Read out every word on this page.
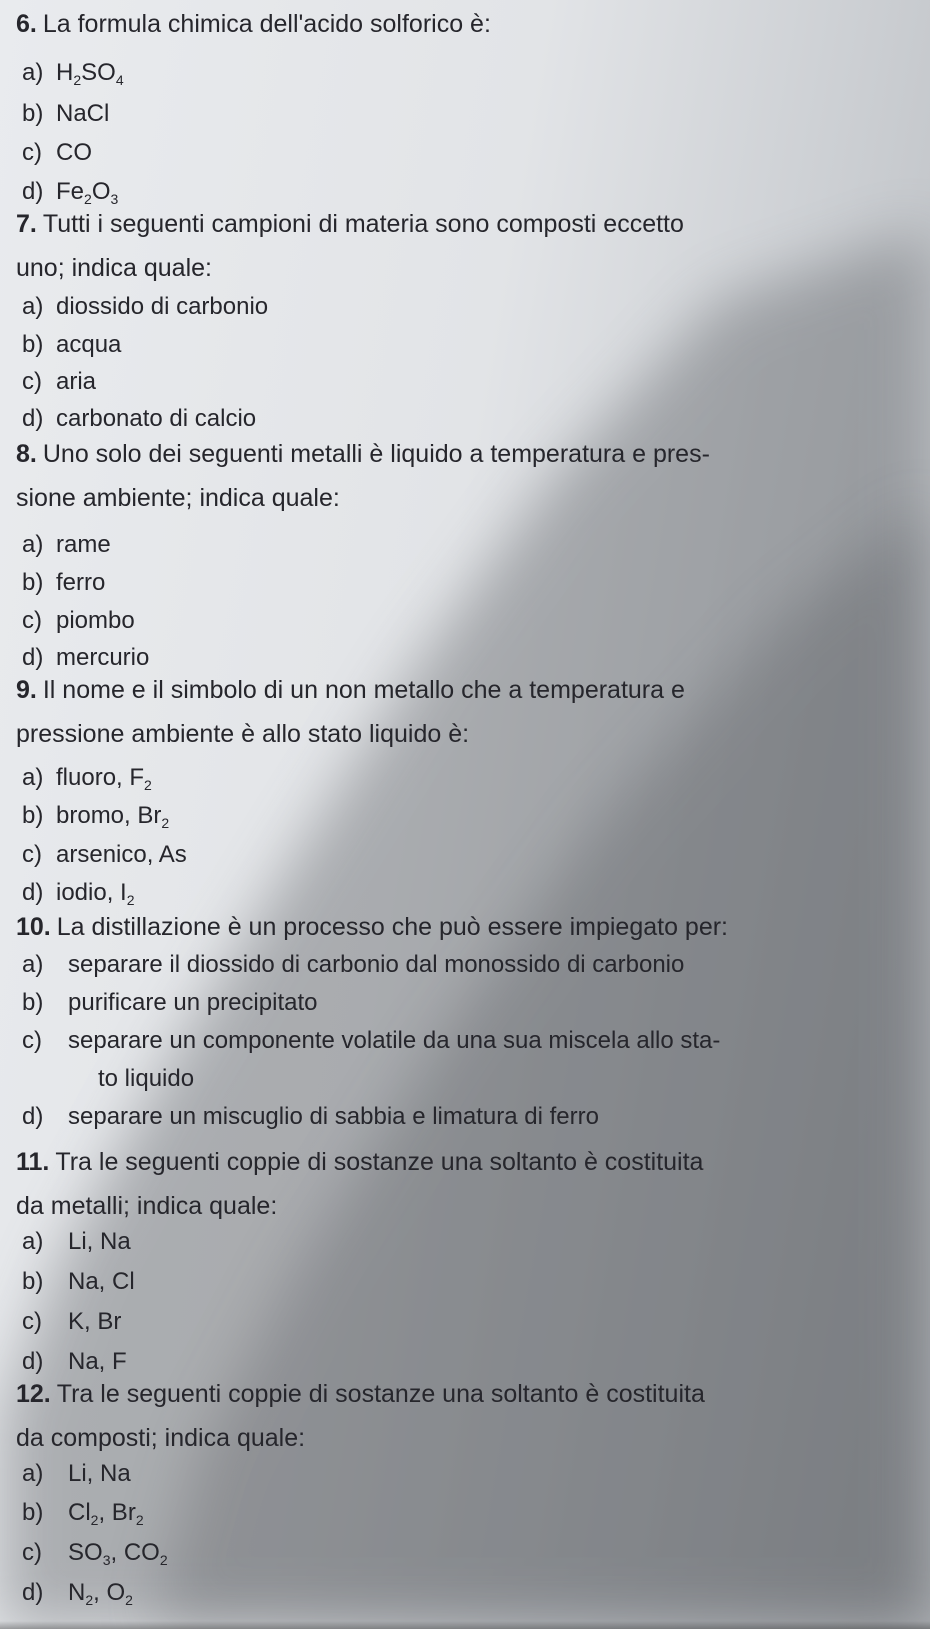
6. La formula chimica dell'acido solforico è:
a) $H_2SO_4$
b) NaCl
c) CO
d) $Fe_2O_3$
7. Tutti i seguenti campioni di materia sono composti eccetto
uno; indica quale:
a) diossido di carbonio
b) acqua
c) aria
d) carbonato di calcio
8. Uno solo dei seguenti metalli è liquido a temperatura e pres-
sione ambiente; indica quale:
a) rame
b) ferro
c) piombo
d) mercurio
9. Il nome e il simbolo di un non metallo che a temperatura e
pressione ambiente è allo stato liquido è:
a) fluoro, $F_2$
b) bromo, $Br_2$
c) arsenico, As
d) iodio, $I_2$
10. La distillazione è un processo che può essere impiegato per:
a) separare il diossido di carbonio dal monossido di carbonio
b) purificare un precipitato
c) separare un componente volatile da una sua miscela allo sta-
to liquido
d) separare un miscuglio di sabbia e limatura di ferro
11. Tra le seguenti coppie di sostanze una soltanto è costituita
da metalli; indica quale:
a) Li, Na
b) Na, Cl
c) K, Br
d) Na, F
12. Tra le seguenti coppie di sostanze una soltanto è costituita
da composti; indica quale:
a) Li, Na
b) $Cl_2$, $Br_2$
c) $SO_3$, $CO_2$
d) $N_2$, $O_2$
